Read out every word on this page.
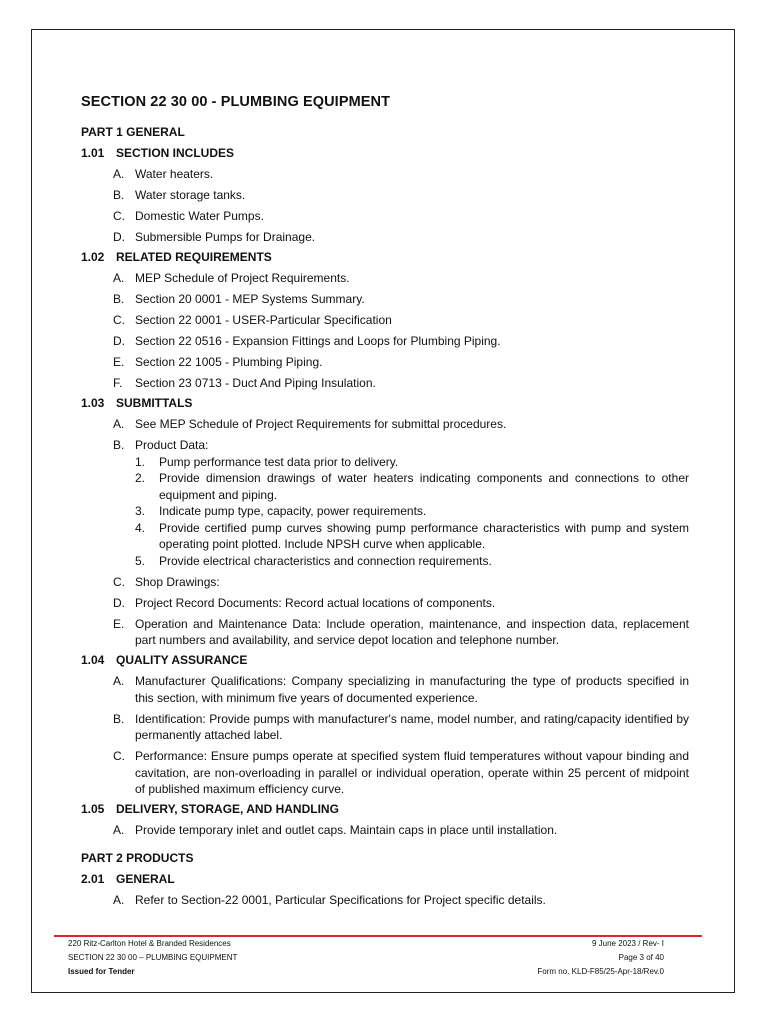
SECTION 22 30 00 - PLUMBING EQUIPMENT
PART 1 GENERAL
1.01 SECTION INCLUDES
A. Water heaters.
B. Water storage tanks.
C. Domestic Water Pumps.
D. Submersible Pumps for Drainage.
1.02 RELATED REQUIREMENTS
A. MEP Schedule of Project Requirements.
B. Section 20 0001 - MEP Systems Summary.
C. Section 22 0001 - USER-Particular Specification
D. Section 22 0516 - Expansion Fittings and Loops for Plumbing Piping.
E. Section 22 1005 - Plumbing Piping.
F.	Section 23 0713 - Duct And Piping Insulation.
1.03 SUBMITTALS
A. See MEP Schedule of Project Requirements for submittal procedures.
B. Product Data:
1.	Pump performance test data prior to delivery.
2.	Provide dimension drawings of water heaters indicating components and connections to other equipment and piping.
3.	Indicate pump type, capacity, power requirements.
4.	Provide certified pump curves showing pump performance characteristics with pump and system operating point plotted. Include NPSH curve when applicable.
5.	Provide electrical characteristics and connection requirements.
C. Shop Drawings:
D. Project Record Documents: Record actual locations of components.
E. Operation and Maintenance Data: Include operation, maintenance, and inspection data, replacement part numbers and availability, and service depot location and telephone number.
1.04 QUALITY ASSURANCE
A. Manufacturer Qualifications: Company specializing in manufacturing the type of products specified in this section, with minimum five years of documented experience.
B. Identification: Provide pumps with manufacturer's name, model number, and rating/capacity identified by permanently attached label.
C. Performance: Ensure pumps operate at specified system fluid temperatures without vapour binding and cavitation, are non-overloading in parallel or individual operation, operate within 25 percent of midpoint of published maximum efficiency curve.
1.05 DELIVERY, STORAGE, AND HANDLING
A. Provide temporary inlet and outlet caps. Maintain caps in place until installation.
PART 2 PRODUCTS
2.01 GENERAL
A. Refer to Section-22 0001, Particular Specifications for Project specific details.
220 Ritz-Carlton Hotel & Branded Residences	9 June 2023 / Rev- I
SECTION 22 30 00 – PLUMBING EQUIPMENT	Page 3 of 40
Issued for Tender	Form no. KLD-F85/25-Apr-18/Rev.0
